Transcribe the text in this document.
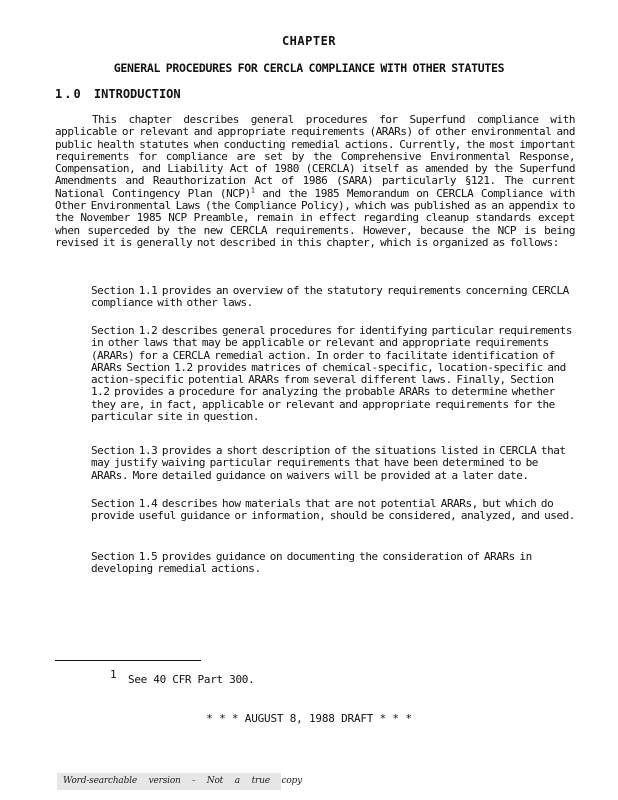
CHAPTER
GENERAL PROCEDURES FOR CERCLA COMPLIANCE WITH OTHER STATUTES
1.0 INTRODUCTION

This chapter describes general procedures for Superfund compliance with applicable or relevant and appropriate requirements (ARARs) of other environmental and public health statutes when conducting remedial actions. Currently, the most important requirements for compliance are set by the Comprehensive Environmental Response, Compensation, and Liability Act of 1980 (CERCLA) itself as amended by the Superfund Amendments and Reauthorization Act of 1986 (SARA) particularly §121. The current National Contingency Plan (NCP)$^1$ and the 1985 Memorandum on CERCLA Compliance with Other Environmental Laws (the Compliance Policy), which was published as an appendix to the November 1985 NCP Preamble, remain in effect regarding cleanup standards except when superceded by the new CERCLA requirements. However, because the NCP is being revised it is generally not described in this chapter, which is organized as follows:

Section 1.1 provides an overview of the statutory requirements concerning CERCLA compliance with other laws.

Section 1.2 describes general procedures for identifying particular requirements in other laws that may be applicable or relevant and appropriate requirements (ARARs) for a CERCLA remedial action. In order to facilitate identification of ARARs Section 1.2 provides matrices of chemical-specific, location-specific and action-specific potential ARARs from several different laws. Finally, Section 1.2 provides a procedure for analyzing the probable ARARs to determine whether they are, in fact, applicable or relevant and appropriate requirements for the particular site in question.

Section 1.3 provides a short description of the situations listed in CERCLA that may justify waiving particular requirements that have been determined to be ARARs. More detailed guidance on waivers will be provided at a later date.

Section 1.4 describes how materials that are not potential ARARs, but which do provide useful guidance or information, should be considered, analyzed, and used.

Section 1.5 provides guidance on documenting the consideration of ARARs in developing remedial actions.

1 See 40 CFR Part 300.
* * * AUGUST 8, 1988 DRAFT * * *
Word-searchable version - Not a true copy
